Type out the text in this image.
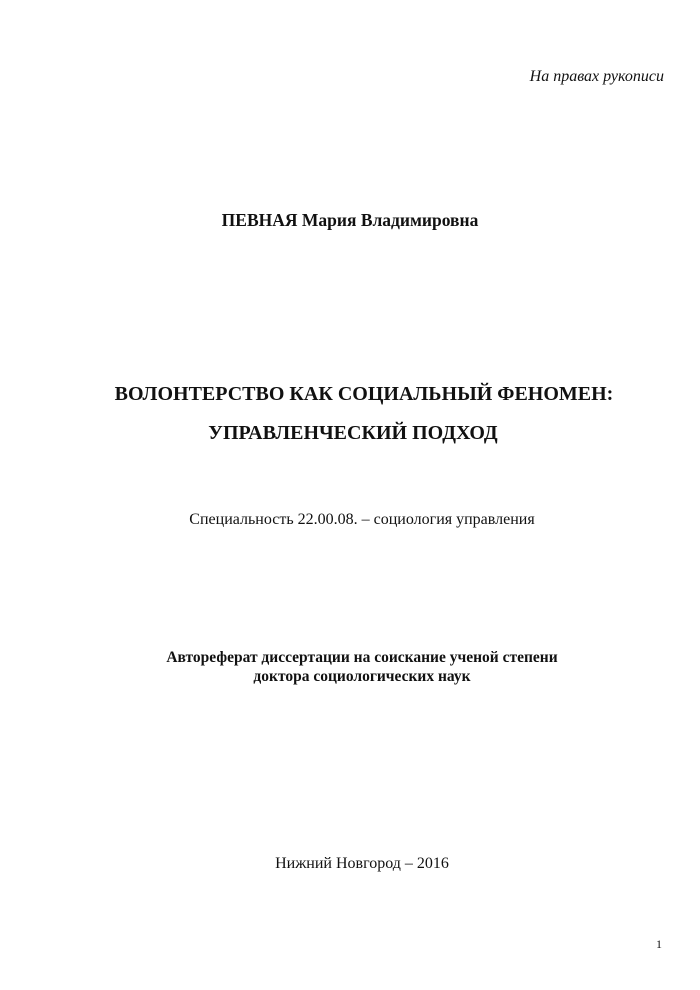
На правах рукописи
ПЕВНАЯ Мария Владимировна
ВОЛОНТЕРСТВО КАК СОЦИАЛЬНЫЙ ФЕНОМЕН:
УПРАВЛЕНЧЕСКИЙ ПОДХОД
Специальность 22.00.08. – социология управления
Автореферат диссертации на соискание ученой степени
доктора социологических наук
Нижний Новгород – 2016
1
